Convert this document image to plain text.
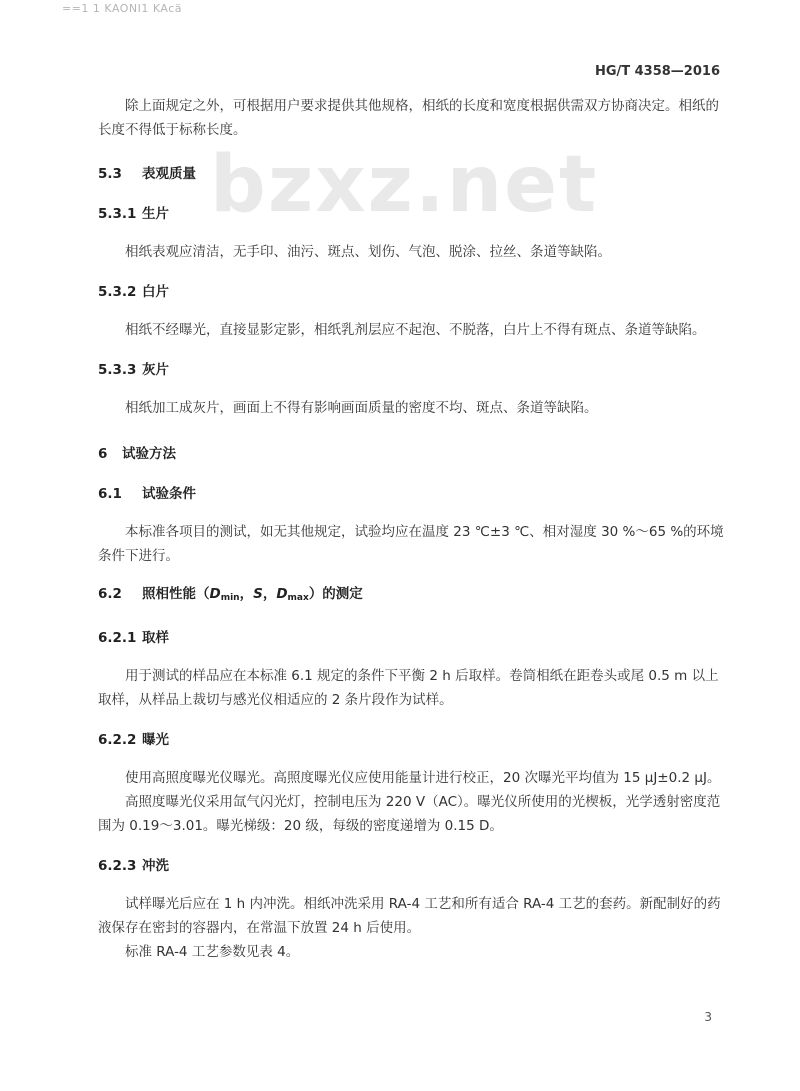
==1 1 KAONI1 KAcä
HG/T 4358—2016
bzxz.net

除上面规定之外，可根据用户要求提供其他规格，相纸的长度和宽度根据供需双方协商决定。相纸的长度不得低于标称长度。

5.3 表观质量

5.3.1 生片

相纸表观应清洁，无手印、油污、斑点、划伤、气泡、脱涂、拉丝、条道等缺陷。

5.3.2 白片

相纸不经曝光，直接显影定影，相纸乳剂层应不起泡、不脱落，白片上不得有斑点、条道等缺陷。

5.3.3 灰片

相纸加工成灰片，画面上不得有影响画面质量的密度不均、斑点、条道等缺陷。

6 试验方法

6.1 试验条件

本标准各项目的测试，如无其他规定，试验均应在温度 23 ℃±3 ℃、相对湿度 30 %～65 %的环境条件下进行。

6.2 照相性能（$D_{min}$，S，$D_{max}$）的测定

6.2.1 取样

用于测试的样品应在本标准 6.1 规定的条件下平衡 2 h 后取样。卷筒相纸在距卷头或尾 0.5 m 以上取样，从样品上裁切与感光仪相适应的 2 条片段作为试样。

6.2.2 曝光

使用高照度曝光仪曝光。高照度曝光仪应使用能量计进行校正，20 次曝光平均值为 15 μJ±0.2 μJ。

高照度曝光仪采用氙气闪光灯，控制电压为 220 V（AC）。曝光仪所使用的光楔板，光学透射密度范围为 0.19～3.01。曝光梯级：20 级，每级的密度递增为 0.15 D。

6.2.3 冲洗

试样曝光后应在 1 h 内冲洗。相纸冲洗采用 RA-4 工艺和所有适合 RA-4 工艺的套药。新配制好的药液保存在密封的容器内，在常温下放置 24 h 后使用。

标准 RA-4 工艺参数见表 4。

3
